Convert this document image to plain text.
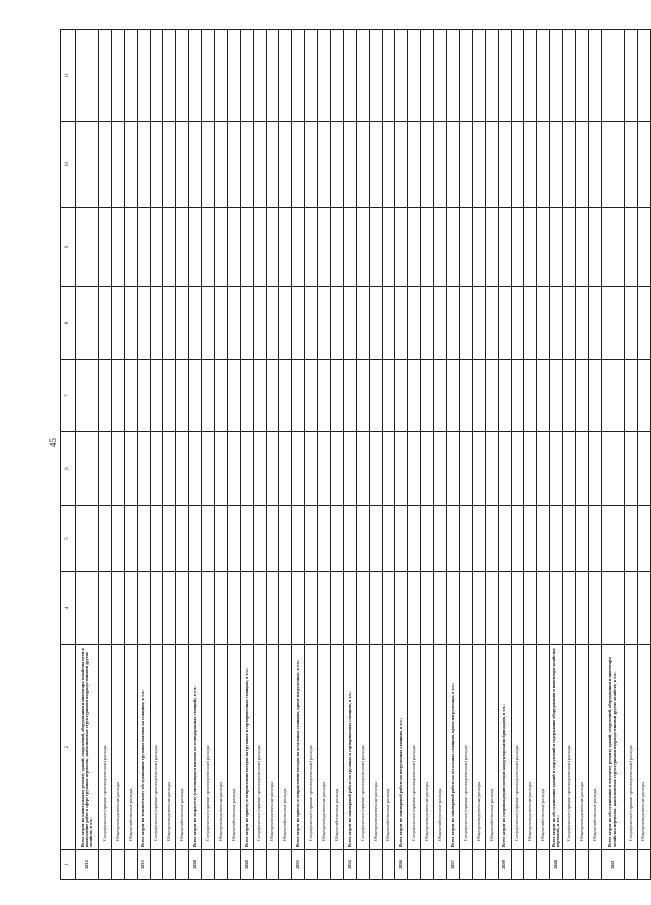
45
1	2	4	5	6	7	8	9	10	11
2812	Всего затрат на капитальному ремонту зданий, сооружений, оборудования и инвентаря хозяйства пути и выполнение работ в сфере грузовых перевозок, выполняемых структурными подразделениями других хозяйств, в т.ч.:								
	Специфические (прямые производственные) расходы								
	Общепроизводственные расходы								
	Общехозяйственные расходы								
2815	Всего затрат на техническому обслуживанию грузовых вагонов на станциях, в т.ч.:								
	Специфические (прямые производственные) расходы								
	Общепроизводственные расходы								
	Общехозяйственные расходы								
2820	Всего затрат по хозрасчету (считающихся вагонов железнодорожных станций), в т.ч.:								
	Специфические (прямые производственные) расходы								
	Общепроизводственные расходы								
	Общехозяйственные расходы								
2828	Всего затрат по приему и отправлению поездов на грузовых и сортировочных станциях, в т.ч.:								
	Специфические (прямые производственные) расходы								
	Общепроизводственные расходы								
	Общехозяйственные расходы								
2833	Всего затрат по приему и отправлению поездов на остальных станциях, кроме погрузочных, в т.ч.:								
	Специфические (прямые производственные) расходы								
	Общепроизводственные расходы								
	Общехозяйственные расходы								
2834	Всего затрат по маневровой работе на грузовых и сортировочных станциях, в т.ч.:								
	Специфические (прямые производственные) расходы								
	Общепроизводственные расходы								
	Общехозяйственные расходы								
2836	Всего затрат по маневровой работе на погрузочных станциях, в т.ч.:								
	Специфические (прямые производственные) расходы								
	Общепроизводственные расходы								
	Общехозяйственные расходы								
2837	Всего затрат по маневровой работе на остальных станциях, кроме погрузочных, в т.ч.:								
	Специфические (прямые производственные) расходы								
	Общепроизводственные расходы								
	Общехозяйственные расходы								
2839	Всего затрат по сопровождению поездов кондукторскими бригадами, в т.ч.:								
	Специфические (прямые производственные) расходы								
	Общепроизводственные расходы								
	Общехозяйственные расходы								
2840	Всего затрат по обслуживанию зданий и сооружений и содержанию оборудования и инвентаря хозяйства перевозок, в т.ч.:								
	Специфические (прямые производственные) расходы								
	Общепроизводственные расходы								
	Общехозяйственные расходы								
2841	Всего затрат по обслуживанию и текущему ремонту зданий, сооружений, оборудования и инвентаря хозяйства перевозок, выполняемых структурными подразделениями других хозяйств, в т.ч.:								
	Специфические (прямые производственные) расходы								
	Общепроизводственные расходы								
